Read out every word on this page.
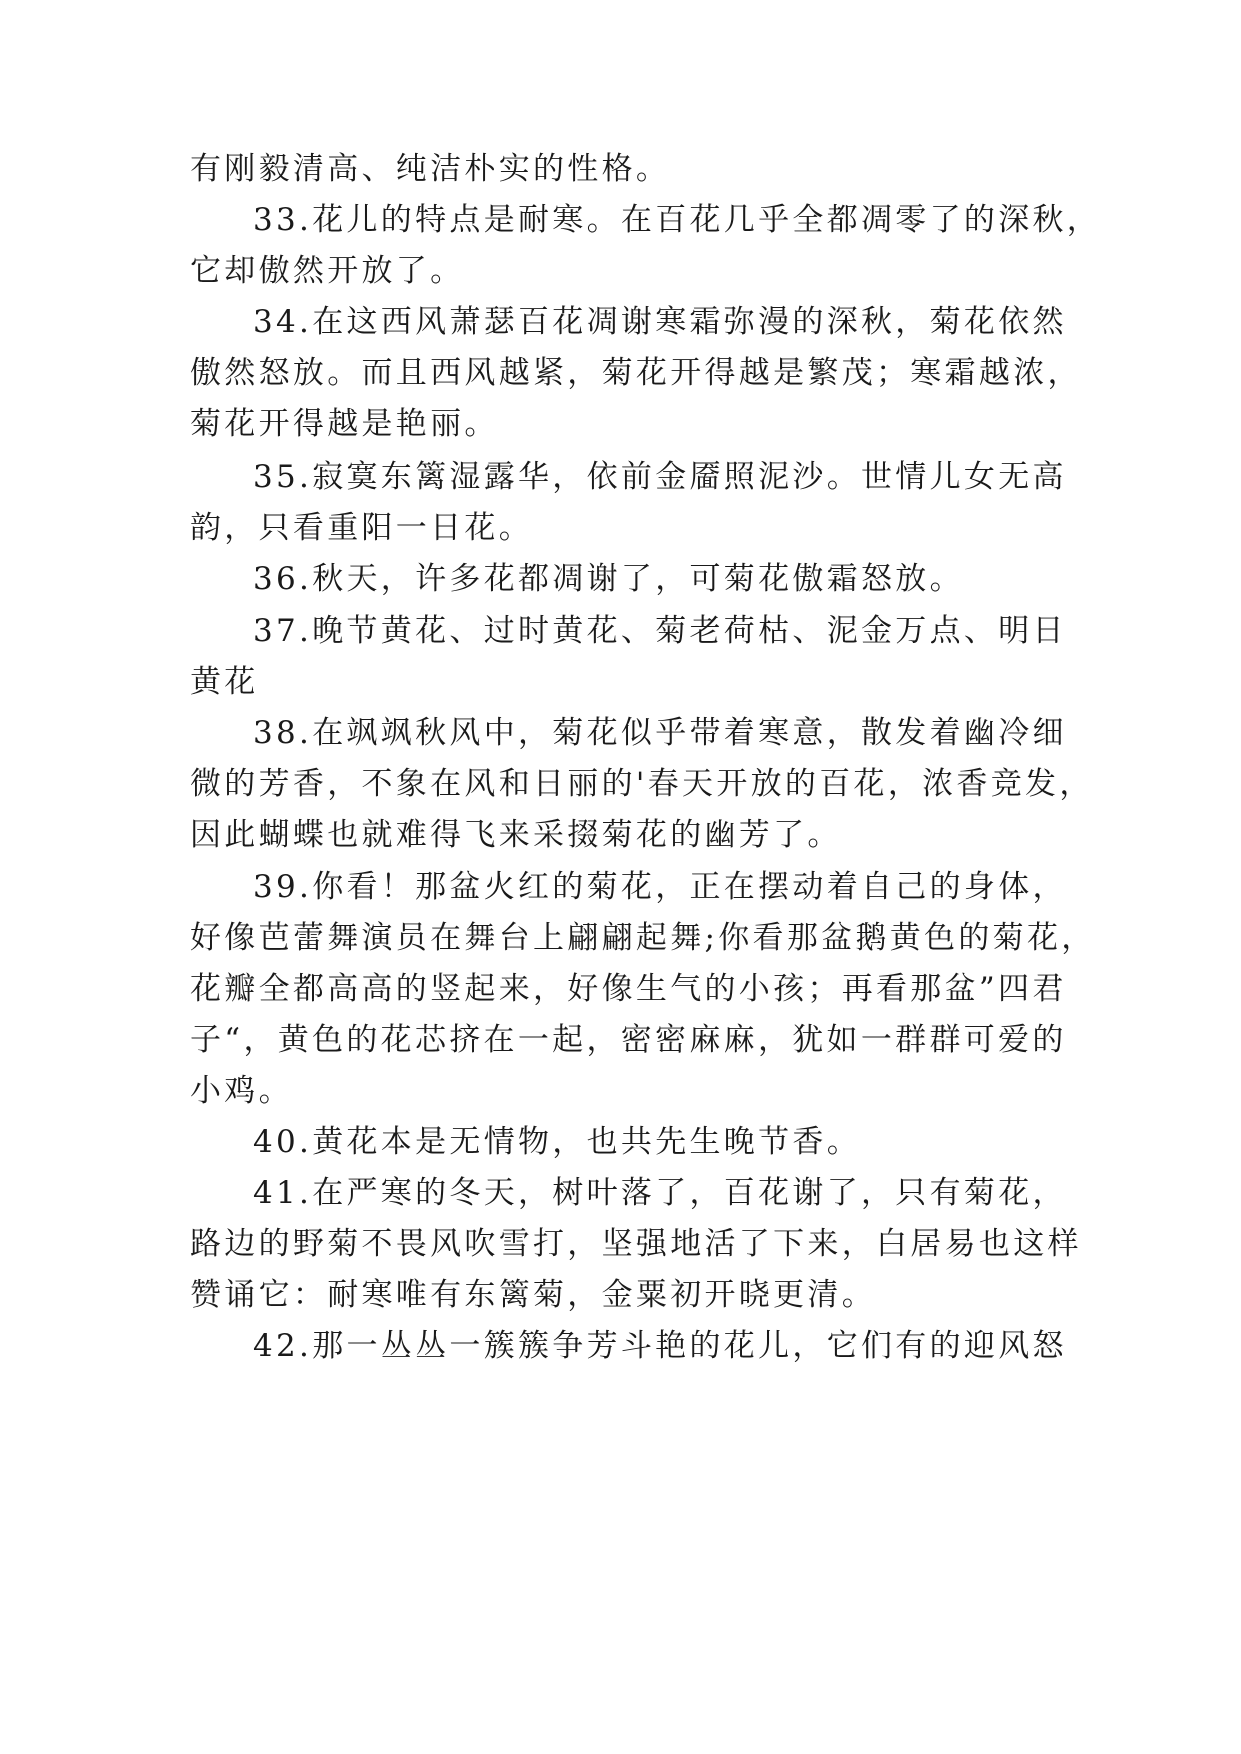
有刚毅清高、纯洁朴实的性格。
33.花儿的特点是耐寒。在百花几乎全都凋零了的深秋，
它却傲然开放了。
34.在这西风萧瑟百花凋谢寒霜弥漫的深秋，菊花依然
傲然怒放。而且西风越紧，菊花开得越是繁茂；寒霜越浓，
菊花开得越是艳丽。
35.寂寞东篱湿露华，依前金靥照泥沙。世情儿女无高
韵，只看重阳一日花。
36.秋天，许多花都凋谢了，可菊花傲霜怒放。
37.晚节黄花、过时黄花、菊老荷枯、泥金万点、明日
黄花
38.在飒飒秋风中，菊花似乎带着寒意，散发着幽冷细
微的芳香，不象在风和日丽的'春天开放的百花，浓香竞发，
因此蝴蝶也就难得飞来采掇菊花的幽芳了。
39.你看！那盆火红的菊花，正在摆动着自己的身体，
好像芭蕾舞演员在舞台上翩翩起舞;你看那盆鹅黄色的菊花，
花瓣全都高高的竖起来，好像生气的小孩；再看那盆”四君
子“，黄色的花芯挤在一起，密密麻麻，犹如一群群可爱的
小鸡。
40.黄花本是无情物，也共先生晚节香。
41.在严寒的冬天，树叶落了，百花谢了，只有菊花，
路边的野菊不畏风吹雪打，坚强地活了下来，白居易也这样
赞诵它：耐寒唯有东篱菊，金粟初开晓更清。
42.那一丛丛一簇簇争芳斗艳的花儿，它们有的迎风怒
